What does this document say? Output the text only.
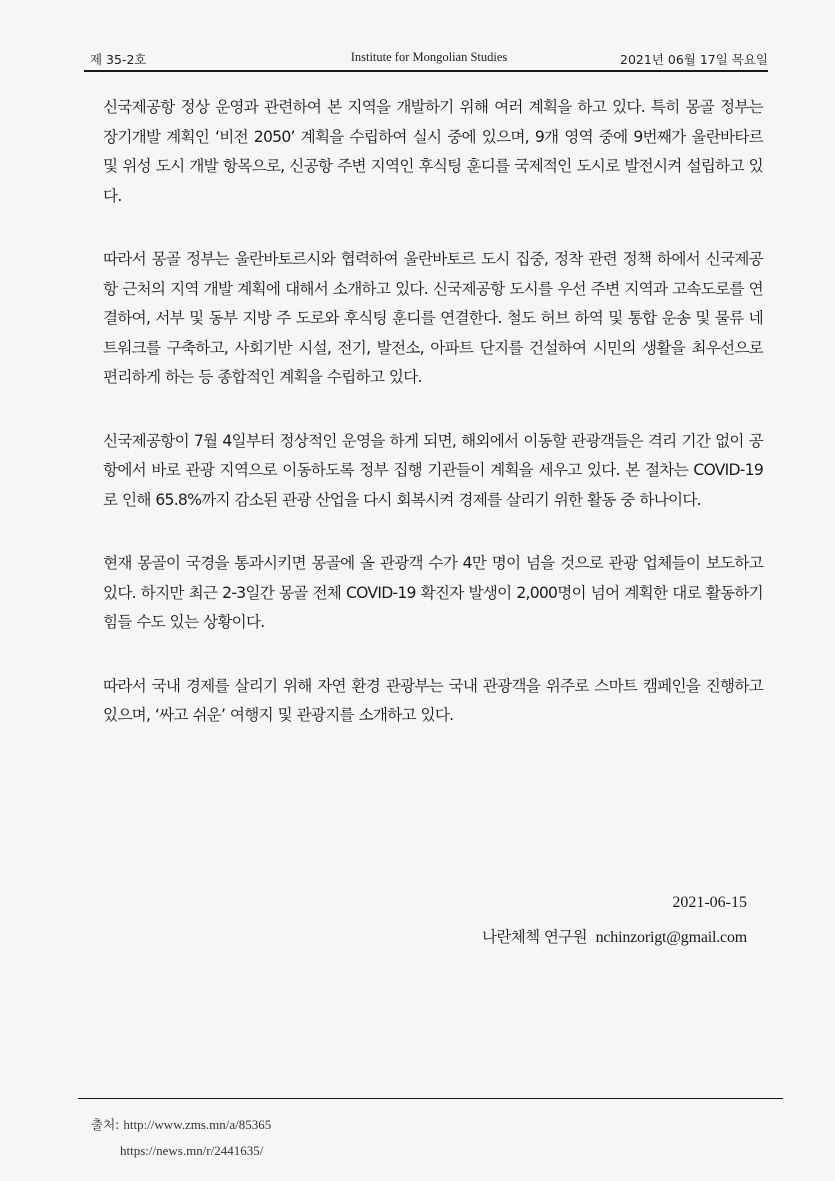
제 35-2호	Institute for Mongolian Studies	2021년 06월 17일 목요일

신국제공항 정상 운영과 관련하여 본 지역을 개발하기 위해 여러 계획을 하고 있다. 특히 몽골 정부는 장기개발 계획인 ‘비전 2050’ 계획을 수립하여 실시 중에 있으며, 9개 영역 중에 9번째가 울란바타르 및 위성 도시 개발 항목으로, 신공항 주변 지역인 후식팅 훈디를 국제적인 도시로 발전시켜 설립하고 있다.

따라서 몽골 정부는 울란바토르시와 협력하여 울란바토르 도시 집중, 정착 관련 정책 하에서 신국제공항 근처의 지역 개발 계획에 대해서 소개하고 있다. 신국제공항 도시를 우선 주변 지역과 고속도로를 연결하여, 서부 및 동부 지방 주 도로와 후식팅 훈디를 연결한다. 철도 허브 하역 및 통합 운송 및 물류 네트워크를 구축하고, 사회기반 시설, 전기, 발전소, 아파트 단지를 건설하여 시민의 생활을 최우선으로 편리하게 하는 등 종합적인 계획을 수립하고 있다.

신국제공항이 7월 4일부터 정상적인 운영을 하게 되면, 해외에서 이동할 관광객들은 격리 기간 없이 공항에서 바로 관광 지역으로 이동하도록 정부 집행 기관들이 계획을 세우고 있다. 본 절차는 COVID-19로 인해 65.8%까지 감소된 관광 산업을 다시 회복시켜 경제를 살리기 위한 활동 중 하나이다.

현재 몽골이 국경을 통과시키면 몽골에 올 관광객 수가 4만 명이 넘을 것으로 관광 업체들이 보도하고 있다. 하지만 최근 2-3일간 몽골 전체 COVID-19 확진자 발생이 2,000명이 넘어 계획한 대로 활동하기 힘들 수도 있는 상황이다.

따라서 국내 경제를 살리기 위해 자연 환경 관광부는 국내 관광객을 위주로 스마트 캠페인을 진행하고 있으며, ‘싸고 쉬운’ 여행지 및 관광지를 소개하고 있다.

2021-06-15
나란체첵 연구원 nchinzorigt@gmail.com
출처: http://www.zms.mn/a/85365
https://news.mn/r/2441635/
